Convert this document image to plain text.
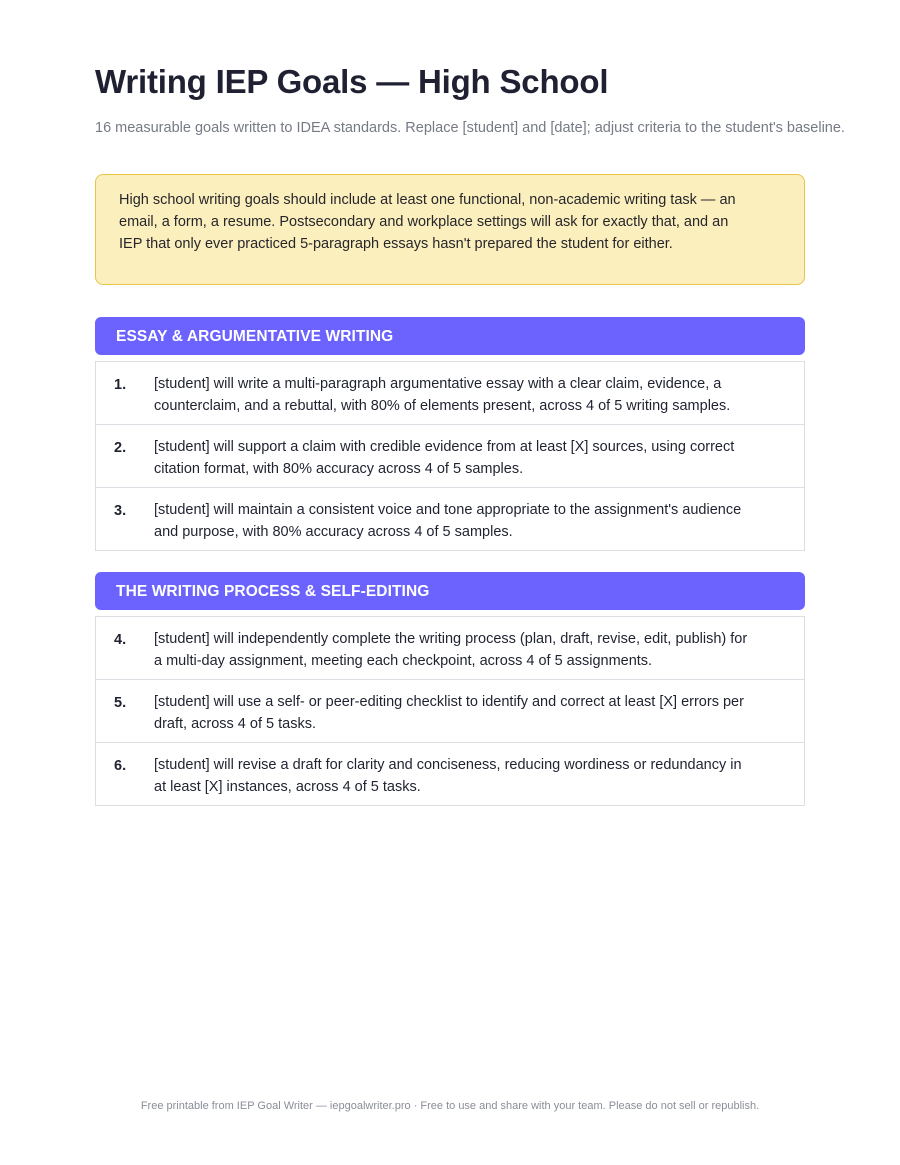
Writing IEP Goals — High School

16 measurable goals written to IDEA standards. Replace [student] and [date]; adjust criteria to the student's baseline.

High school writing goals should include at least one functional, non-academic writing task — an
email, a form, a resume. Postsecondary and workplace settings will ask for exactly that, and an
IEP that only ever practiced 5-paragraph essays hasn't prepared the student for either.
ESSAY & ARGUMENTATIVE WRITING
1. [student] will write a multi-paragraph argumentative essay with a clear claim, evidence, a
counterclaim, and a rebuttal, with 80% of elements present, across 4 of 5 writing samples.
2. [student] will support a claim with credible evidence from at least [X] sources, using correct
citation format, with 80% accuracy across 4 of 5 samples.
3. [student] will maintain a consistent voice and tone appropriate to the assignment's audience
and purpose, with 80% accuracy across 4 of 5 samples.
THE WRITING PROCESS & SELF-EDITING
4. [student] will independently complete the writing process (plan, draft, revise, edit, publish) for
a multi-day assignment, meeting each checkpoint, across 4 of 5 assignments.
5. [student] will use a self- or peer-editing checklist to identify and correct at least [X] errors per
draft, across 4 of 5 tasks.
6. [student] will revise a draft for clarity and conciseness, reducing wordiness or redundancy in
at least [X] instances, across 4 of 5 tasks.
Free printable from IEP Goal Writer — iepgoalwriter.pro · Free to use and share with your team. Please do not sell or republish.
